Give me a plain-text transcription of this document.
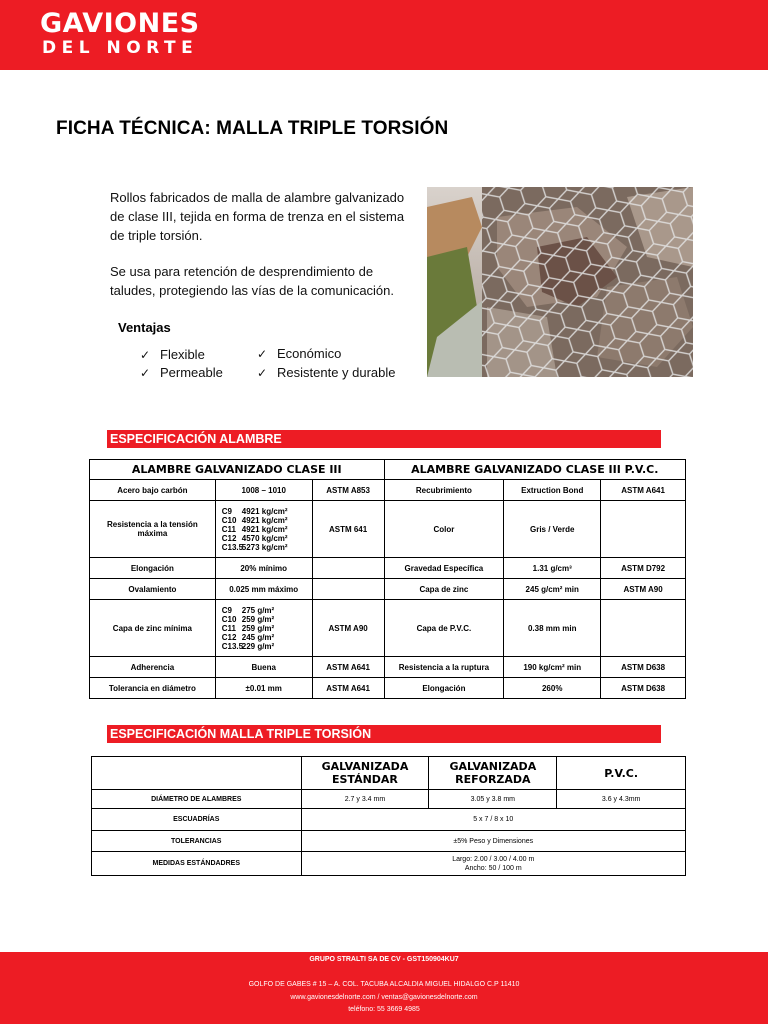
GAVIONES
DEL NORTE
FICHA TÉCNICA: MALLA TRIPLE TORSIÓN

Rollos fabricados de malla de alambre galvanizado de clase III, tejida en forma de trenza en el sistema de triple torsión.

Se usa para retención de desprendimiento de taludes, protegiendo las vías de la comunicación.

Ventajas
✓ Flexible
✓ Permeable
✓ Económico
✓ Resistente y durable
ESPECIFICACIÓN ALAMBRE
ALAMBRE GALVANIZADO CLASE III			ALAMBRE GALVANIZADO CLASE III P.V.C.		
Acero bajo carbón	1008 – 1010	ASTM A853	Recubrimiento	Extruction Bond	ASTM A641
Resistencia a la tensión máxima	C9 4921 kg/cm²
C10 4921 kg/cm²
C11 4921 kg/cm²
C12 4570 kg/cm²
C13.55273 kg/cm²	ASTM 641	Color	Gris / Verde	
Elongación	20% mínimo		Gravedad Específica	1.31 g/cm³	ASTM D792
Ovalamiento	0.025 mm máximo		Capa de zinc	245 g/cm² min	ASTM A90
Capa de zinc mínima	C9 275 g/m²
C10 259 g/m²
C11 259 g/m²
C12 245 g/m²
C13.5229 g/m²	ASTM A90	Capa de P.V.C.	0.38 mm min	
Adherencia	Buena	ASTM A641	Resistencia a la ruptura	190 kg/cm² min	ASTM D638
Tolerancia en diámetro	±0.01 mm	ASTM A641	Elongación	260%	ASTM D638
ESPECIFICACIÓN MALLA TRIPLE TORSIÓN
	GALVANIZADA ESTÁNDAR	GALVANIZADA REFORZADA	P.V.C.
DIÁMETRO DE ALAMBRES	2.7 y 3.4 mm	3.05 y 3.8 mm	3.6 y 4.3mm
ESCUADRÍAS	5 x 7 / 8 x 10		
TOLERANCIAS	±5% Peso y Dimensiones		
MEDIDAS ESTÁNDADRES	Largo: 2.00 / 3.00 / 4.00 m
Ancho: 50 / 100 m		
GRUPO STRALTI SA DE CV - GST150904KU7
GOLFO DE GABES # 15 – A. COL. TACUBA ALCALDIA MIGUEL HIDALGO C.P 11410
www.gavionesdelnorte.com / ventas@gavionesdelnorte.com
teléfono: 55 3669 4985
